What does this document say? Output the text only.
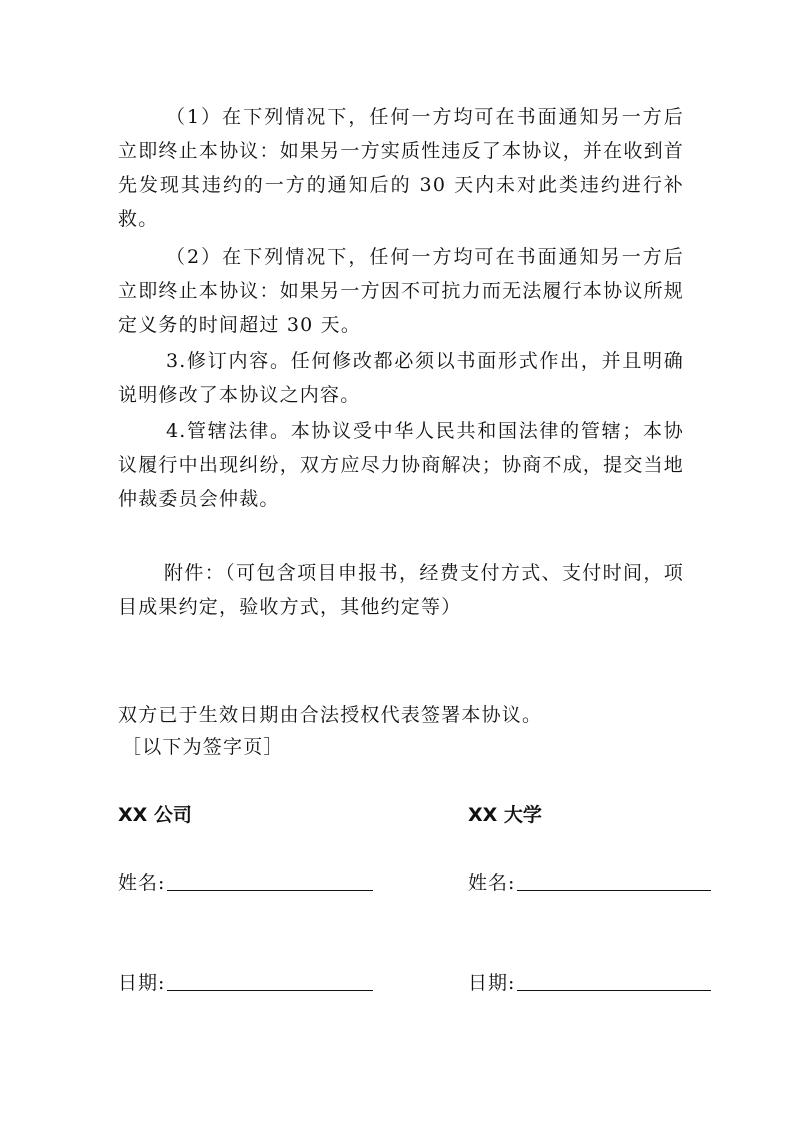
（1）在下列情况下，任何一方均可在书面通知另一方后立即终止本协议：如果另一方实质性违反了本协议，并在收到首先发现其违约的一方的通知后的 30 天内未对此类违约进行补救。

（2）在下列情况下，任何一方均可在书面通知另一方后立即终止本协议：如果另一方因不可抗力而无法履行本协议所规定义务的时间超过 30 天。

3.修订内容。任何修改都必须以书面形式作出，并且明确说明修改了本协议之内容。

4.管辖法律。本协议受中华人民共和国法律的管辖；本协议履行中出现纠纷，双方应尽力协商解决；协商不成，提交当地仲裁委员会仲裁。

附件：（可包含项目申报书，经费支付方式、支付时间，项目成果约定，验收方式，其他约定等）

双方已于生效日期由合法授权代表签署本协议。

［以下为签字页］

XX 公司	XX 大学
姓名:	姓名:
日期:	日期:
